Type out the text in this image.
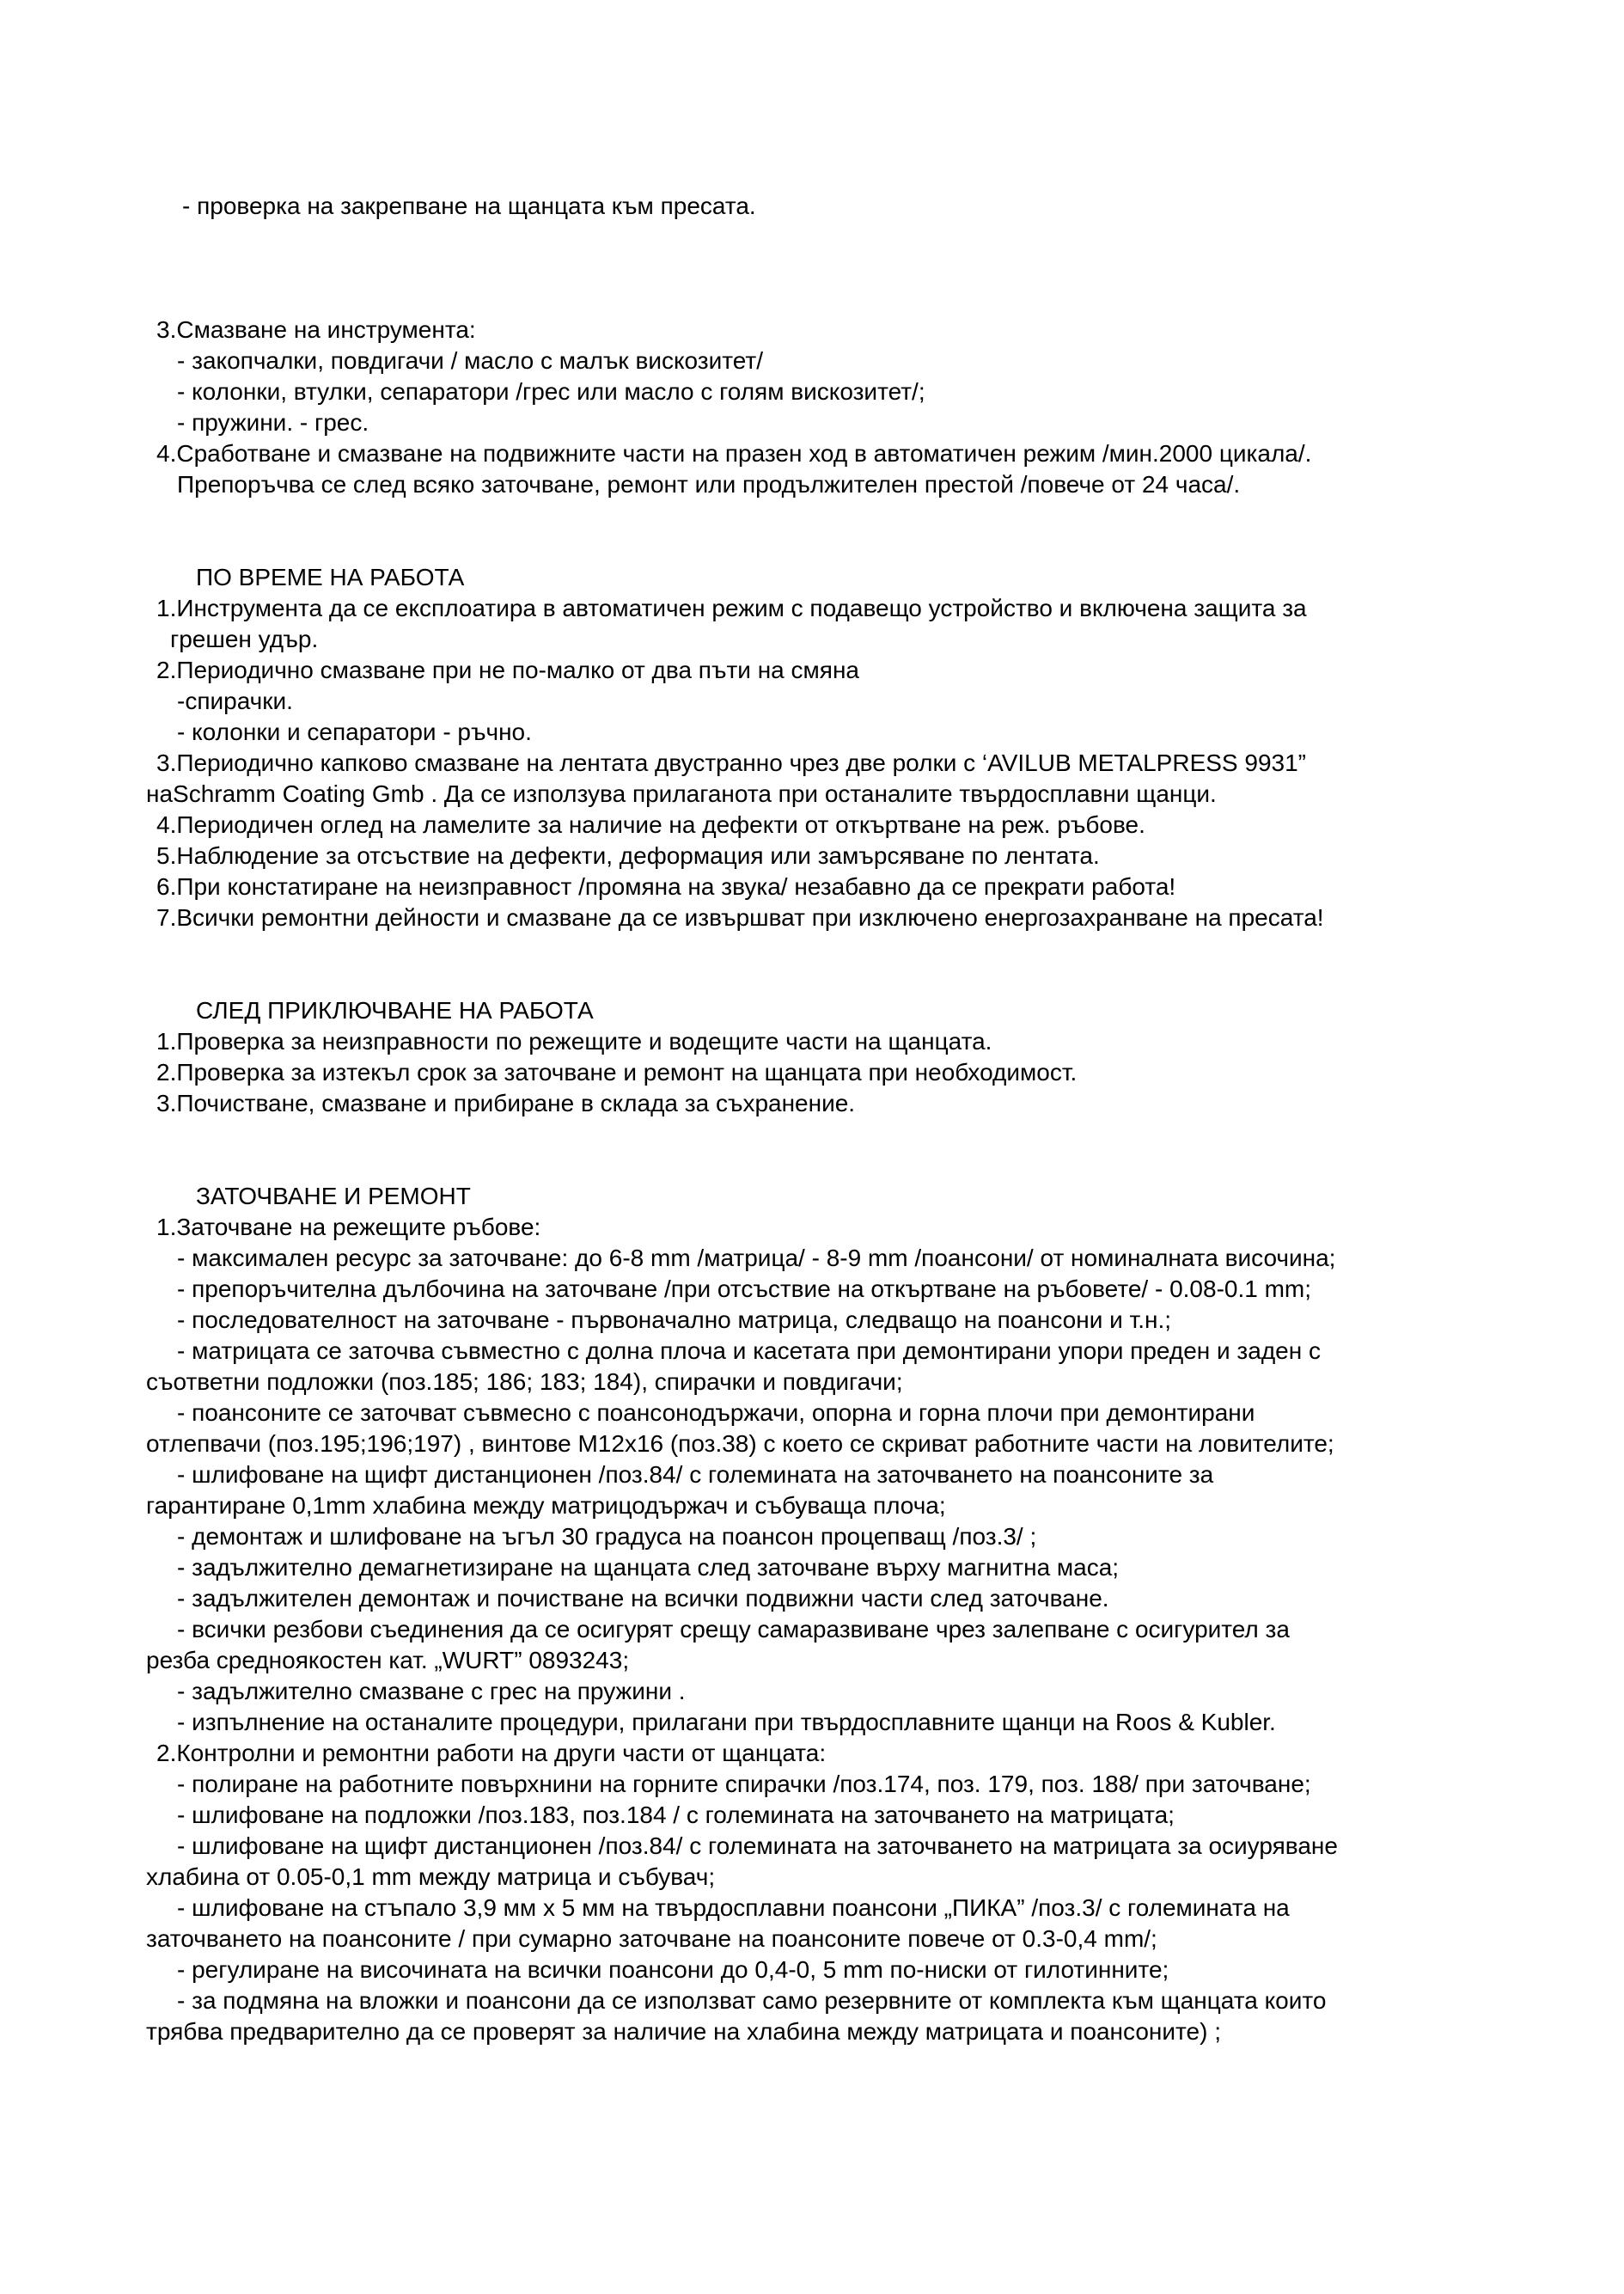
- проверка на закрепване на щанцата към пресата.
3.Смазване на инструмента:
- закопчалки, повдигачи / масло с малък вискозитет/
- колонки, втулки, сепаратори /грес или масло с голям вискозитет/;
- пружини. - грес.
4.Сработване и смазване на подвижните части на празен ход в автоматичен режим /мин.2000 цикала/.
Препоръчва се след всяко заточване, ремонт или продължителен престой /повече от 24 часа/.
ПО ВРЕМЕ НА РАБОТА
1.Инструмента да се експлоатира в автоматичен режим с подавещо устройство и включена защита за
грешен удър.
2.Периодично смазване при не по-малко от два пъти на смяна
-спирачки.
- колонки и сепаратори - ръчно.
3.Периодично капково смазване на лентата двустранно чрез две ролки с ‘AVILUB METALPRESS 9931”
наSchramm Coating Gmb . Да се използува прилаганота при останалите твърдосплавни щанци.
4.Периодичен оглед на ламелите за наличие на дефекти от откъртване на реж. ръбове.
5.Наблюдение за отсъствие на дефекти, деформация или замърсяване по лентата.
6.При констатиране на неизправност /промяна на звука/ незабавно да се прекрати работа!
7.Всички ремонтни дейности и смазване да се извършват при изключено енергозахранване на пресата!
СЛЕД ПРИКЛЮЧВАНЕ НА РАБОТА
1.Проверка за неизправности по режещите и водещите части на щанцата.
2.Проверка за изтекъл срок за заточване и ремонт на щанцата при необходимост.
3.Почистване, смазване и прибиране в склада за съхранение.
ЗАТОЧВАНЕ И РЕМОНТ
1.Заточване на режещите ръбове:
- максимален ресурс за заточване: до 6-8 mm /матрица/ - 8-9 mm /поансони/ от номиналната височина;
- препоръчителна дълбочина на заточване /при отсъствие на откъртване на ръбовете/ - 0.08-0.1 mm;
- последователност на заточване - първоначално матрица, следващо на поансони и т.н.;
- матрицата се заточва съвместно с долна плоча и касетата при демонтирани упори преден и заден с
съответни подложки (поз.185; 186; 183; 184), спирачки и повдигачи;
- поансоните се заточват съвмесно с поансонодържачи, опорна и горна плочи при демонтирани
отлепвачи (поз.195;196;197) , винтове М12х16 (поз.38) с което се скриват работните части на ловителите;
- шлифоване на щифт дистанционен /поз.84/ с големината на заточването на поансоните за
гарантиране 0,1mm хлабина между матрицодържач и събуваща плоча;
- демонтаж и шлифоване на ъгъл 30 градуса на поансон процепващ /поз.3/ ;
- задължително демагнетизиране на щанцата след заточване върху магнитна маса;
- задължителен демонтаж и почистване на всички подвижни части след заточване.
- всички резбови съединения да се осигурят срещу самаразвиване чрез залепване с осигурител за
резба средноякостен кат. „WURT” 0893243;
- задължително смазване с грес на пружини .
- изпълнение на останалите процедури, прилагани при твърдосплавните щанци на Roos & Kubler.
2.Контролни и ремонтни работи на други части от щанцата:
- полиране на работните повърхнини на горните спирачки /поз.174, поз. 179, поз. 188/ при заточване;
- шлифоване на подложки /поз.183, поз.184 / с големината на заточването на матрицата;
- шлифоване на щифт дистанционен /поз.84/ с големината на заточването на матрицата за осиуряване
хлабина от 0.05-0,1 mm между матрица и събувач;
- шлифоване на стъпало 3,9 мм х 5 мм на твърдосплавни поансони „ПИКА” /поз.3/ с големината на
заточването на поансоните / при сумарно заточване на поансоните повече от 0.3-0,4 mm/;
- регулиране на височината на всички поансони до 0,4-0, 5 mm по-ниски от гилотинните;
- за подмяна на вложки и поансони да се използват само резервните от комплекта към щанцата които
трябва предварително да се проверят за наличие на хлабина между матрицата и поансоните) ;
